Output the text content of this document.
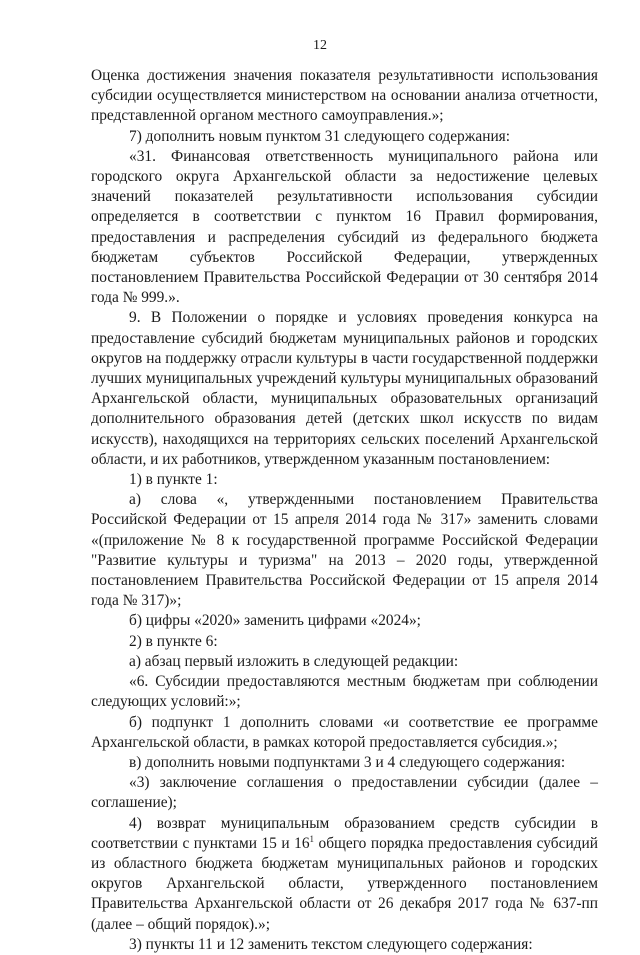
12

Оценка достижения значения показателя результативности использования субсидии осуществляется министерством на основании анализа отчетности, представленной органом местного самоуправления.»;

7) дополнить новым пунктом 31 следующего содержания:

«31. Финансовая ответственность муниципального района или городского округа Архангельской области за недостижение целевых значений показателей результативности использования субсидии определяется в соответствии с пунктом 16 Правил формирования, предоставления и распределения субсидий из федерального бюджета бюджетам субъектов Российской Федерации, утвержденных постановлением Правительства Российской Федерации от 30 сентября 2014 года № 999.».

9. В Положении о порядке и условиях проведения конкурса на предоставление субсидий бюджетам муниципальных районов и городских округов на поддержку отрасли культуры в части государственной поддержки лучших муниципальных учреждений культуры муниципальных образований Архангельской области, муниципальных образовательных организаций дополнительного образования детей (детских школ искусств по видам искусств), находящихся на территориях сельских поселений Архангельской области, и их работников, утвержденном указанным постановлением:

1) в пункте 1:

а) слова «, утвержденными постановлением Правительства Российской Федерации от 15 апреля 2014 года № 317» заменить словами «(приложение № 8 к государственной программе Российской Федерации "Развитие культуры и туризма" на 2013 – 2020 годы, утвержденной постановлением Правительства Российской Федерации от 15 апреля 2014 года № 317)»;

б) цифры «2020» заменить цифрами «2024»;

2) в пункте 6:

а) абзац первый изложить в следующей редакции:

«6. Субсидии предоставляются местным бюджетам при соблюдении следующих условий:»;

б) подпункт 1 дополнить словами «и соответствие ее программе Архангельской области, в рамках которой предоставляется субсидия.»;

в) дополнить новыми подпунктами 3 и 4 следующего содержания:

«3) заключение соглашения о предоставлении субсидии (далее – соглашение);

4) возврат муниципальным образованием средств субсидии в соответствии с пунктами 15 и $16^1$ общего порядка предоставления субсидий из областного бюджета бюджетам муниципальных районов и городских округов Архангельской области, утвержденного постановлением Правительства Архангельской области от 26 декабря 2017 года № 637-пп (далее – общий порядок).»;

3) пункты 11 и 12 заменить текстом следующего содержания:
